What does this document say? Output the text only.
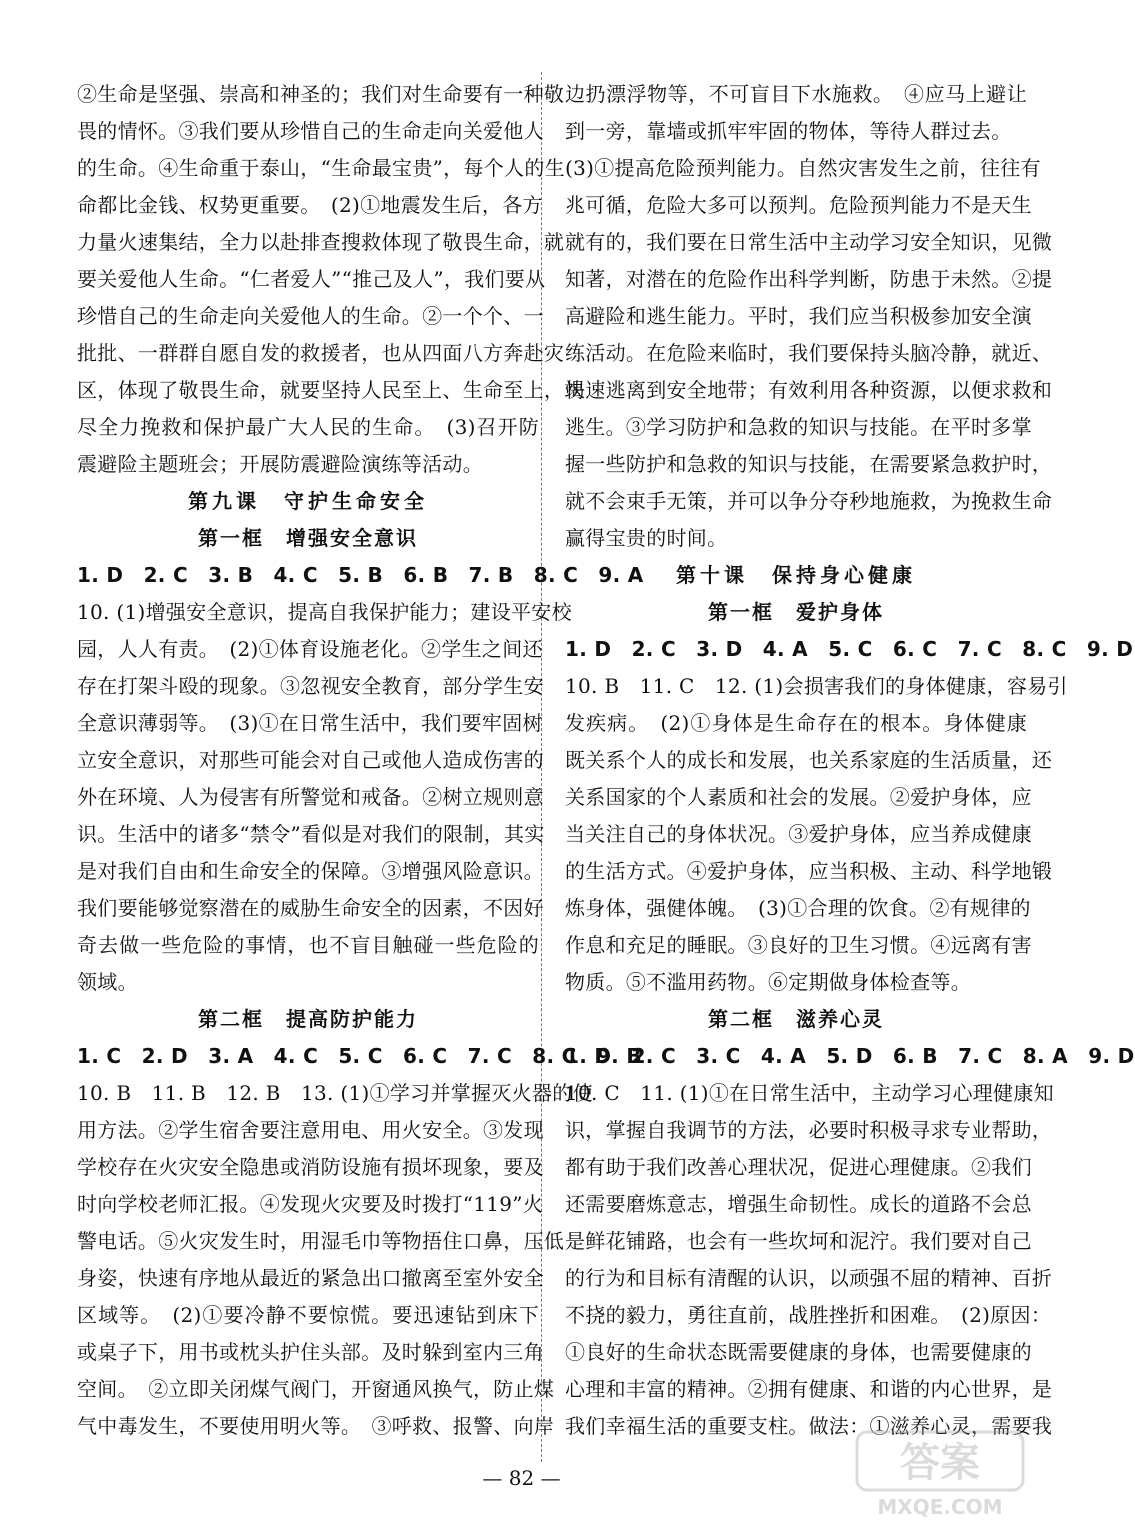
②生命是坚强、崇高和神圣的；我们对生命要有一种敬
畏的情怀。③我们要从珍惜自己的生命走向关爱他人
的生命。④生命重于泰山，“生命最宝贵”，每个人的生
命都比金钱、权势更重要。　(2)①地震发生后，各方
力量火速集结，全力以赴排查搜救体现了敬畏生命，就
要关爱他人生命。“仁者爱人”“推己及人”，我们要从
珍惜自己的生命走向关爱他人的生命。②一个个、一
批批、一群群自愿自发的救援者，也从四面八方奔赴灾
区，体现了敬畏生命，就要坚持人民至上、生命至上，竭
尽全力挽救和保护最广大人民的生命。　(3)召开防
震避险主题班会；开展防震避险演练等活动。
第九课　守护生命安全
第一框　增强安全意识
1. D　2. C　3. B　4. C　5. B　6. B　7. B　8. C　9. A
10. (1)增强安全意识，提高自我保护能力；建设平安校
园，人人有责。　(2)①体育设施老化。②学生之间还
存在打架斗殴的现象。③忽视安全教育，部分学生安
全意识薄弱等。　(3)①在日常生活中，我们要牢固树
立安全意识，对那些可能会对自己或他人造成伤害的
外在环境、人为侵害有所警觉和戒备。②树立规则意
识。生活中的诸多“禁令”看似是对我们的限制，其实
是对我们自由和生命安全的保障。③增强风险意识。
我们要能够觉察潜在的威胁生命安全的因素，不因好
奇去做一些危险的事情，也不盲目触碰一些危险的
领域。
第二框　提高防护能力
1. C　2. D　3. A　4. C　5. C　6. C　7. C　8. C　9. B
10. B　11. B　12. B　13. (1)①学习并掌握灭火器的使
用方法。②学生宿舍要注意用电、用火安全。③发现
学校存在火灾安全隐患或消防设施有损坏现象，要及
时向学校老师汇报。④发现火灾要及时拨打“119”火
警电话。⑤火灾发生时，用湿毛巾等物捂住口鼻，压低
身姿，快速有序地从最近的紧急出口撤离至室外安全
区域等。　(2)①要冷静不要惊慌。要迅速钻到床下
或桌子下，用书或枕头护住头部。及时躲到室内三角
空间。　②立即关闭煤气阀门，开窗通风换气，防止煤
气中毒发生，不要使用明火等。　③呼救、报警、向岸
边扔漂浮物等，不可盲目下水施救。　④应马上避让
到一旁，靠墙或抓牢牢固的物体，等待人群过去。
(3)①提高危险预判能力。自然灾害发生之前，往往有
兆可循，危险大多可以预判。危险预判能力不是天生
就有的，我们要在日常生活中主动学习安全知识，见微
知著，对潜在的危险作出科学判断，防患于未然。②提
高避险和逃生能力。平时，我们应当积极参加安全演
练活动。在危险来临时，我们要保持头脑冷静，就近、
快速逃离到安全地带；有效利用各种资源，以便求救和
逃生。③学习防护和急救的知识与技能。在平时多掌
握一些防护和急救的知识与技能，在需要紧急救护时，
就不会束手无策，并可以争分夺秒地施救，为挽救生命
赢得宝贵的时间。
第十课　保持身心健康
第一框　爱护身体
1. D　2. C　3. D　4. A　5. C　6. C　7. C　8. C　9. D
10. B　11. C　12. (1)会损害我们的身体健康，容易引
发疾病。　(2)①身体是生命存在的根本。身体健康
既关系个人的成长和发展，也关系家庭的生活质量，还
关系国家的个人素质和社会的发展。②爱护身体，应
当关注自己的身体状况。③爱护身体，应当养成健康
的生活方式。④爱护身体，应当积极、主动、科学地锻
炼身体，强健体魄。　(3)①合理的饮食。②有规律的
作息和充足的睡眠。③良好的卫生习惯。④远离有害
物质。⑤不滥用药物。⑥定期做身体检查等。
第二框　滋养心灵
1. D　2. C　3. C　4. A　5. D　6. B　7. C　8. A　9. D
10. C　11. (1)①在日常生活中，主动学习心理健康知
识，掌握自我调节的方法，必要时积极寻求专业帮助，
都有助于我们改善心理状况，促进心理健康。②我们
还需要磨炼意志，增强生命韧性。成长的道路不会总
是鲜花铺路，也会有一些坎坷和泥泞。我们要对自己
的行为和目标有清醒的认识，以顽强不屈的精神、百折
不挠的毅力，勇往直前，战胜挫折和困难。　(2)原因：
①良好的生命状态既需要健康的身体，也需要健康的
心理和丰富的精神。②拥有健康、和谐的内心世界，是
我们幸福生活的重要支柱。做法：①滋养心灵，需要我
— 82 —	答案
MXQE.COM
